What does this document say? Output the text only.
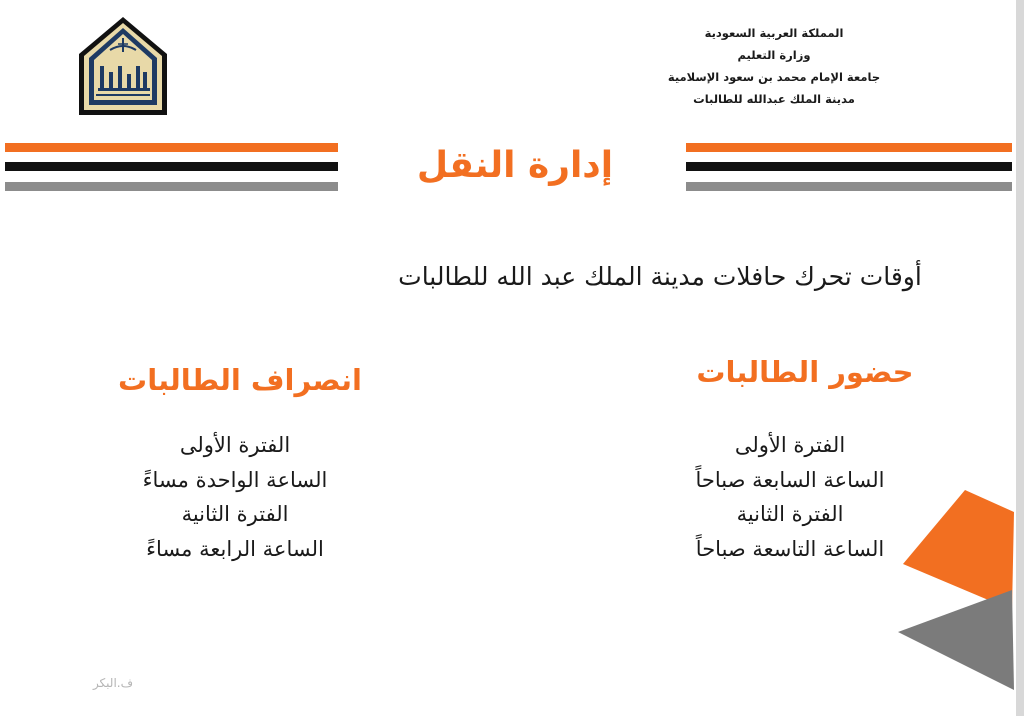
المملكة العربية السعودية
وزارة التعليم
جامعة الإمام محمد بن سعود الإسلامية
مدينة الملك عبدالله للطالبات
إدارة النقل
أوقات تحرك حافلات مدينة الملك عبد الله للطالبات
حضور الطالبات
الفترة الأولى
الساعة السابعة صباحاً
الفترة الثانية
الساعة التاسعة صباحاً
انصراف الطالبات
الفترة الأولى
الساعة الواحدة مساءً
الفترة الثانية
الساعة الرابعة مساءً
ف.البكر
